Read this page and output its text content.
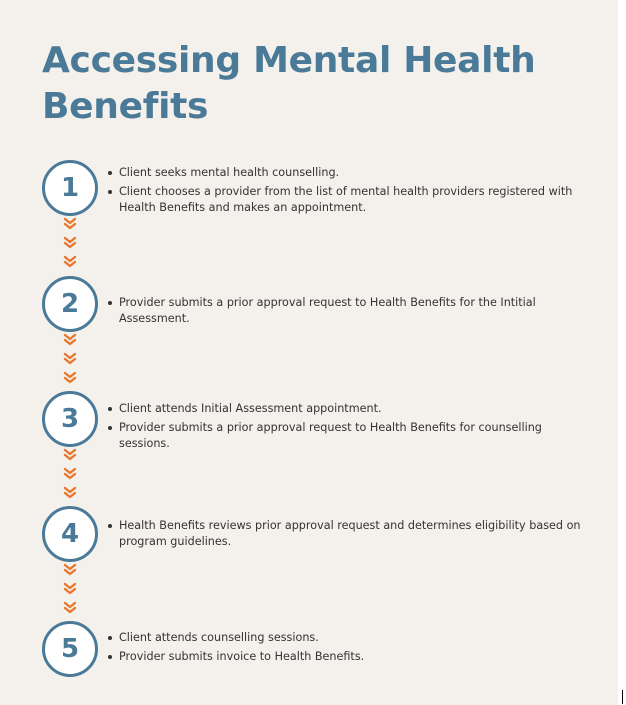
Accessing Mental Health Benefits
1
Client seeks mental health counselling.
Client chooses a provider from the list of mental health providers registered with Health Benefits and makes an appointment.
2	Provider submits a prior approval request to Health Benefits for the Intitial Assessment.
3	Client attends Initial Assessment appointment.
Provider submits a prior approval request to Health Benefits for counselling sessions.
4	Health Benefits reviews prior approval request and determines eligibility based on program guidelines.
5	Client attends counselling sessions.
Provider submits invoice to Health Benefits.
